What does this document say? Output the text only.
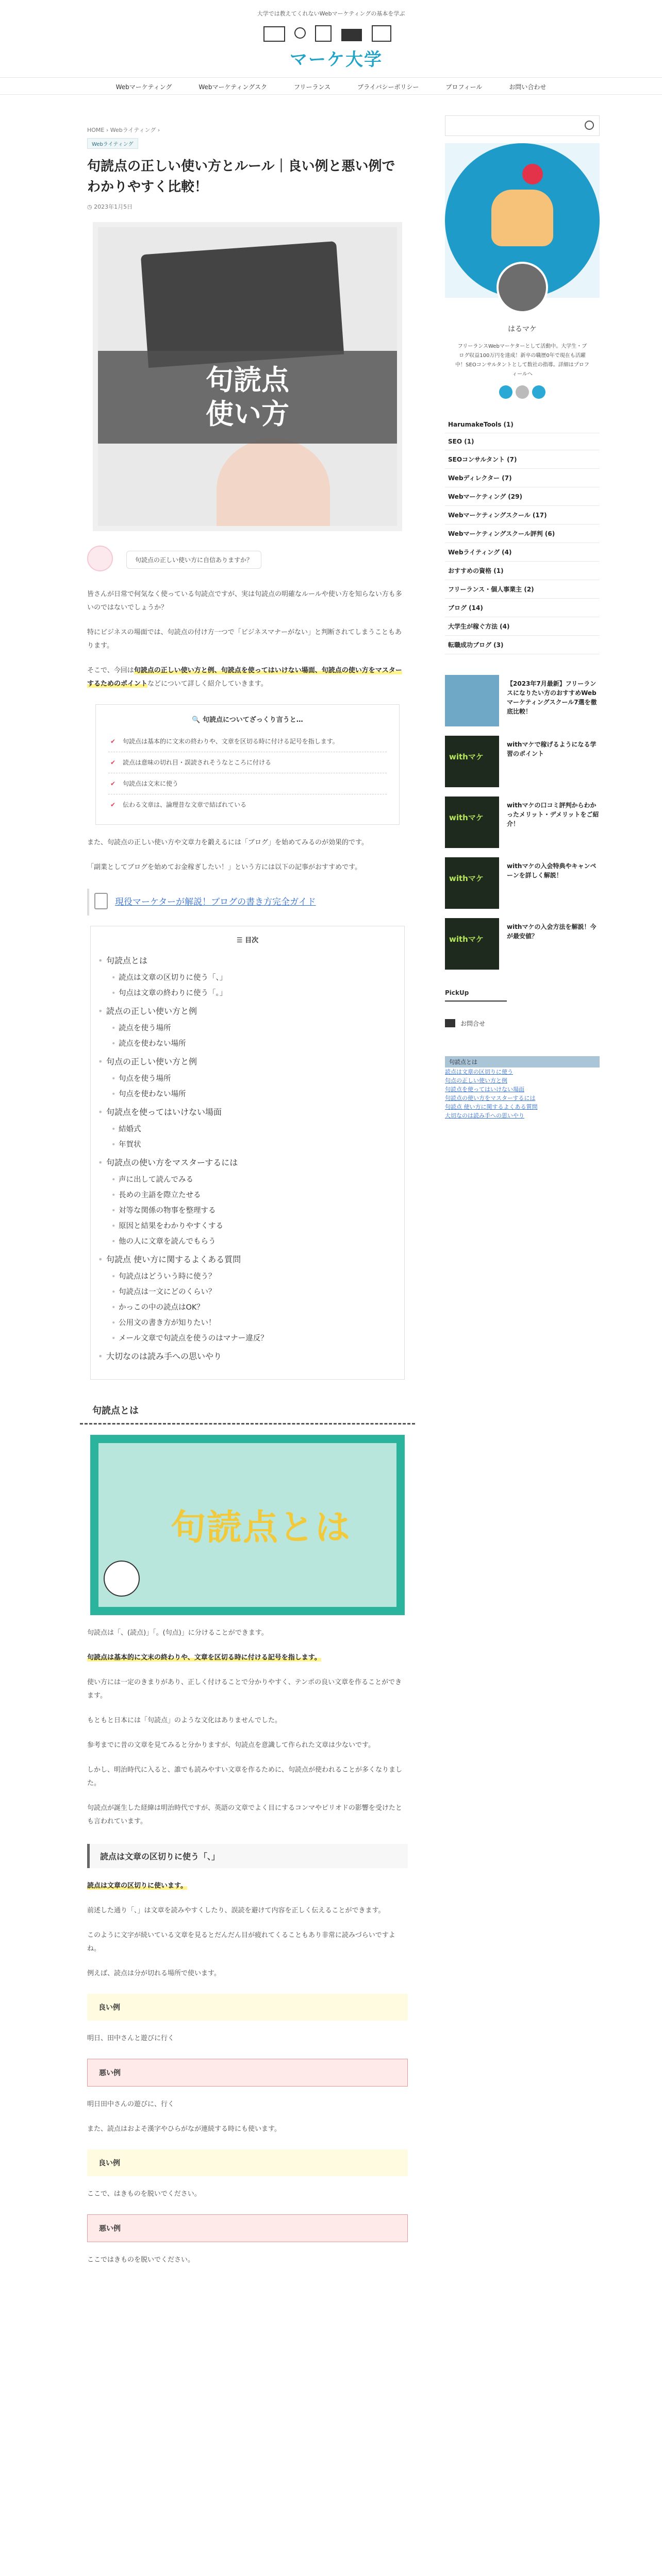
大学では教えてくれないWebマーケティングの基本を学ぶ
マーケ大学
Webマーケティング	Webマーケティングスク	フリーランス	プライバシーポリシー	プロフィール	お問い合わせ
HOME › Webライティング ›
Webライティング
句読点の正しい使い方とルール｜良い例と悪い例でわかりやすく比較！
◷ 2023年1月5日
句読点
使い方
句読点の正しい使い方に自信ありますか？

皆さんが日常で何気なく使っている句読点ですが、実は句読点の明確なルールや使い方を知らない方も多いのではないでしょうか？

特にビジネスの場面では、句読点の付け方一つで「ビジネスマナーがない」と判断されてしまうこともあります。

そこで、今回は句読点の正しい使い方と例、句読点を使ってはいけない場面、句読点の使い方をマスターするためのポイントなどについて詳しく紹介していきます。

🔍 句読点についてざっくり言うと…
✔ 句読点は基本的に文末の終わりや、文章を区切る時に付ける記号を指します。
✔ 読点は意味の切れ目・誤読されそうなところに付ける
✔ 句読点は文末に使う
✔ 伝わる文章は、論理昔な文章で結ばれている

また、句読点の正しい使い方や文章力を鍛えるには「ブログ」を始めてみるのが効果的です。

「副業としてブログを始めてお金稼ぎしたい！」という方には以下の記事がおすすめです。

現役マーケターが解説！ブログの書き方完全ガイド
☰ 目次
• 句読点とは
• 読点は文章の区切りに使う「、」
• 句点は文章の終わりに使う「。」
• 読点の正しい使い方と例
• 読点を使う場所
• 読点を使わない場所
• 句点の正しい使い方と例
• 句点を使う場所
• 句点を使わない場所
• 句読点を使ってはいけない場面
• 結婚式
• 年賀状
• 句読点の使い方をマスターするには
• 声に出して読んでみる
• 長めの主語を際立たせる
• 対等な関係の物事を整理する
• 原因と結果をわかりやすくする
• 他の人に文章を読んでもらう
• 句読点 使い方に関するよくある質問
• 句読点はどういう時に使う？
• 句読点は一文にどのくらい？
• かっこの中の読点はOK？
• 公用文の書き方が知りたい！
• メール文章で句読点を使うのはマナー違反？
• 大切なのは読み手への思いやり
句読点とは
句読点とは

句読点は「、(読点)」「。(句点)」に分けることができます。

句読点は基本的に文末の終わりや、文章を区切る時に付ける記号を指します。

使い方には一定のきまりがあり、正しく付けることで分かりやすく、テンポの良い文章を作ることができます。

もともと日本には「句読点」のような文化はありませんでした。

参考までに昔の文章を見てみると分かりますが、句読点を意識して作られた文章は少ないです。

しかし、明治時代に入ると、誰でも読みやすい文章を作るために、句読点が使われることが多くなりました。

句読点が誕生した経緯は明治時代ですが、英語の文章でよく目にするコンマやピリオドの影響を受けたとも言われています。

読点は文章の区切りに使う「、」

読点は文章の区切りに使います。

前述した通り「、」は文章を読みやすくしたり、誤読を避けて内容を正しく伝えることができます。

このように文字が続いている文章を見るとだんだん目が疲れてくることもあり非常に読みづらいですよね。

例えば、読点は分が切れる場所で使います。

良い例

明日、田中さんと遊びに行く

悪い例

明日田中さんの遊びに、行く

また、読点はおよそ漢字やひらがなが連続する時にも使います。

良い例

ここで、はきものを脱いでください。

悪い例

ここではきものを脱いでください。

はるマケ
フリーランスWebマーケターとして活動中。大学生・ブログ収益100万円を達成！新卒の職歴0年で現在も活躍中！SEOコンサルタントとして数社の指導。詳細はプロフィールへ
HarumakeTools (1)
SEO (1)
SEOコンサルタント (7)
Webディレクター (7)
Webマーケティング (29)
Webマーケティングスクール (17)
Webマーケティングスクール評判 (6)
Webライティング (4)
おすすめの資格 (1)
フリーランス・個人事業主 (2)
ブログ (14)
大学生が稼ぐ方法 (4)
転職成功ブログ (3)
【2023年7月最新】フリーランスになりたい方のおすすめWebマーケティングスクール7選を徹底比較！
withマケ
withマケで稼げるようになる学習のポイント
withマケ
withマケの口コミ評判からわかったメリット・デメリットをご紹介！
withマケ
withマケの入会特典やキャンペーンを詳しく解説！
withマケ
withマケの入会方法を解説！今が最安値？
PickUp
お問合せ
句読点とは
読点は文章の区切りに使う
句点の正しい使い方と例
句読点を使ってはいけない場面
句読点の使い方をマスターするには
句読点 使い方に関するよくある質問
大切なのは読み手への思いやり
